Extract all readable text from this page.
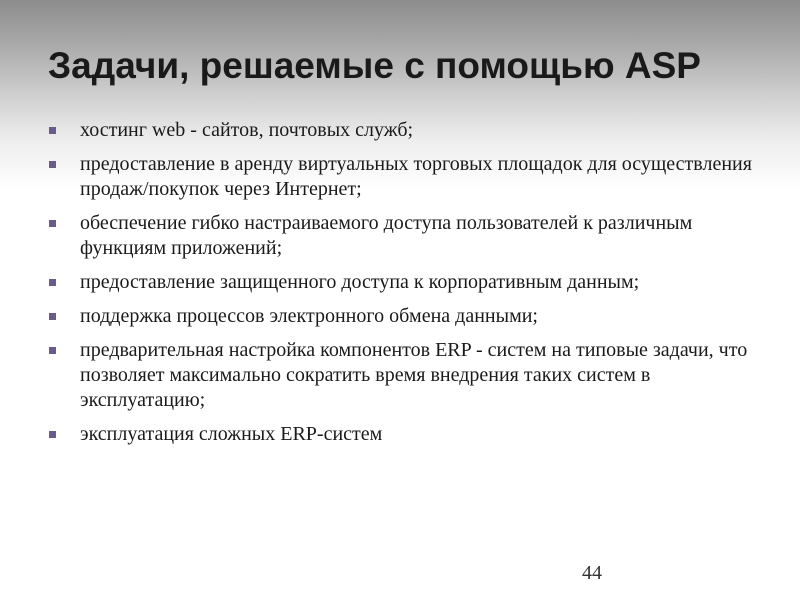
Задачи, решаемые с помощью ASP
хостинг web - сайтов, почтовых служб;
предоставление в аренду виртуальных торговых площадок для осуществления продаж/покупок через Интернет;
обеспечение гибко настраиваемого доступа пользователей к различным функциям приложений;
предоставление защищенного доступа к корпоративным данным;
поддержка процессов электронного обмена данными;
предварительная настройка компонентов ERP - систем на типовые задачи, что позволяет максимально сократить время внедрения таких систем в эксплуатацию;
эксплуатация сложных ERP-систем
44
